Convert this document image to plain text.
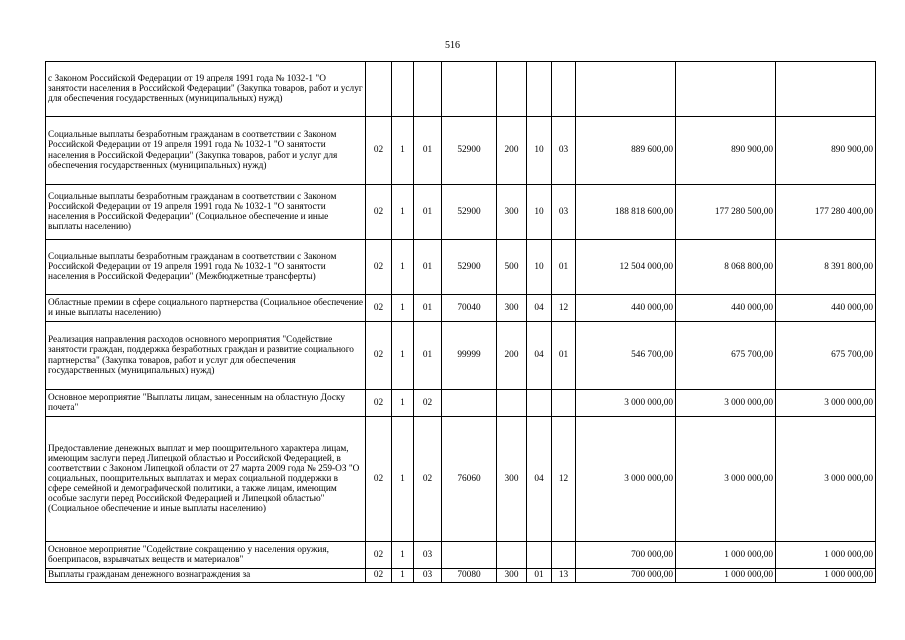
516
с Законом Российской Федерации от 19 апреля 1991 года № 1032-1 "О занятости населения в Российской Федерации" (Закупка товаров, работ и услуг для обеспечения государственных (муниципальных) нужд)										
Социальные выплаты безработным гражданам в соответствии с Законом Российской Федерации от 19 апреля 1991 года № 1032-1 "О занятости населения в Российской Федерации" (Закупка товаров, работ и услуг для обеспечения государственных (муниципальных) нужд)	02	1	01	52900	200	10	03	889 600,00	890 900,00	890 900,00
Социальные выплаты безработным гражданам в соответствии с Законом Российской Федерации от 19 апреля 1991 года № 1032-1 "О занятости населения в Российской Федерации" (Социальное обеспечение и иные выплаты населению)	02	1	01	52900	300	10	03	188 818 600,00	177 280 500,00	177 280 400,00
Социальные выплаты безработным гражданам в соответствии с Законом Российской Федерации от 19 апреля 1991 года № 1032-1 "О занятости населения в Российской Федерации" (Межбюджетные трансферты)	02	1	01	52900	500	10	01	12 504 000,00	8 068 800,00	8 391 800,00
Областные премии в сфере социального партнерства (Социальное обеспечение и иные выплаты населению)	02	1	01	70040	300	04	12	440 000,00	440 000,00	440 000,00
Реализация направления расходов основного мероприятия "Содействие занятости граждан, поддержка безработных граждан и развитие социального партнерства" (Закупка товаров, работ и услуг для обеспечения государственных (муниципальных) нужд)	02	1	01	99999	200	04	01	546 700,00	675 700,00	675 700,00
Основное мероприятие "Выплаты лицам, занесенным на областную Доску почета"	02	1	02					3 000 000,00	3 000 000,00	3 000 000,00
Предоставление денежных выплат и мер поощрительного характера лицам, имеющим заслуги перед Липецкой областью и Российской Федерацией, в соответствии с Законом Липецкой области от 27 марта 2009 года № 259-ОЗ "О социальных, поощрительных выплатах и мерах социальной поддержки в сфере семейной и демографической политики, а также лицам, имеющим особые заслуги перед Российской Федерацией и Липецкой областью" (Социальное обеспечение и иные выплаты населению)	02	1	02	76060	300	04	12	3 000 000,00	3 000 000,00	3 000 000,00
Основное мероприятие "Содействие сокращению у населения оружия, боеприпасов, взрывчатых веществ и материалов"	02	1	03					700 000,00	1 000 000,00	1 000 000,00
Выплаты гражданам денежного вознаграждения за	02	1	03	70080	300	01	13	700 000,00	1 000 000,00	1 000 000,00
